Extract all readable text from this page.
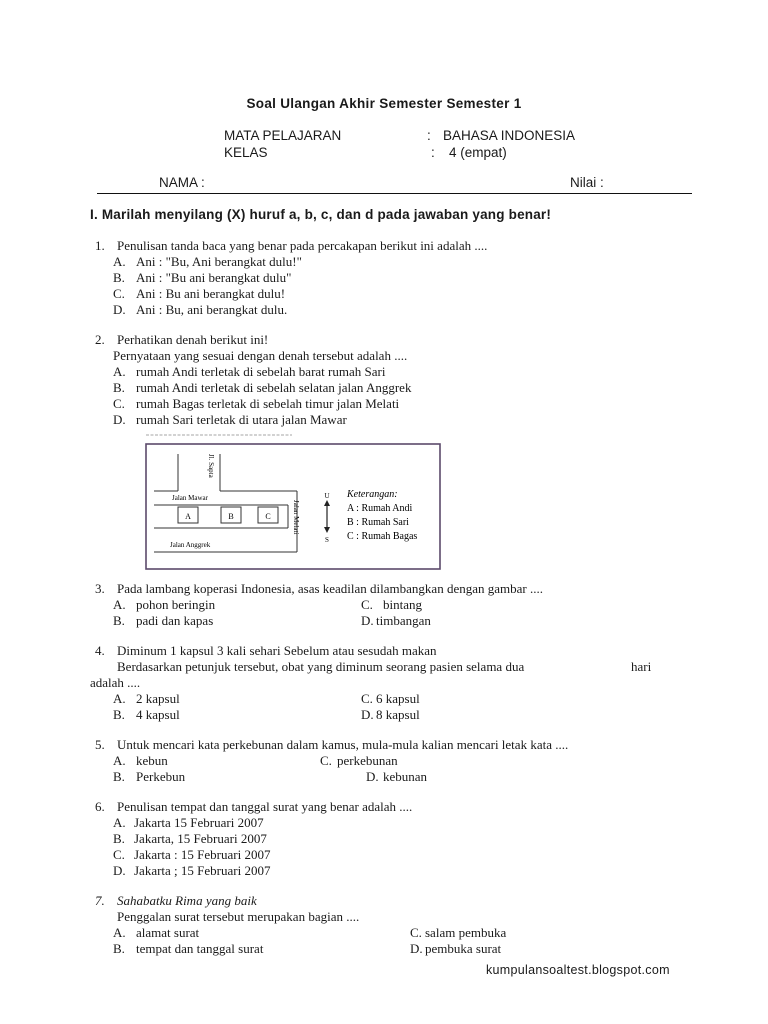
Soal Ulangan Akhir Semester Semester 1
MATA PELAJARAN	: BAHASA INDONESIA
KELAS	: 4 (empat)
NAMA :	Nilai :
I. Marilah menyilang (X) huruf a, b, c, dan d pada jawaban yang benar!
1. Penulisan tanda baca yang benar pada percakapan berikut ini adalah ....
A. Ani : "Bu, Ani berangkat dulu!"
B. Ani : "Bu ani berangkat dulu"
C. Ani : Bu ani berangkat dulu!
D. Ani : Bu, ani berangkat dulu.
2. Perhatikan denah berikut ini!
Pernyataan yang sesuai dengan denah tersebut adalah ....
A. rumah Andi terletak di sebelah barat rumah Sari
B. rumah Andi terletak di sebelah selatan jalan Anggrek
C. rumah Bagas terletak di sebelah timur jalan Melati
D. rumah Sari terletak di utara jalan Mawar
A	B	C
Jl. Sapta
Jalan Mawar
Jalan Anggrek
Jalan Melati
U
S
Keterangan:
A : Rumah Andi
B : Rumah Sari
C : Rumah Bagas
3. Pada lambang koperasi Indonesia, asas keadilan dilambangkan dengan gambar ....
A. pohon beringin	C. bintang
B. padi dan kapas	D. timbangan
4. Diminum 1 kapsul 3 kali sehari Sebelum atau sesudah makan
Berdasarkan petunjuk tersebut, obat yang diminum seorang pasien selama dua	hari
adalah ....
A. 2 kapsul	C. 6 kapsul
B. 4 kapsul	D. 8 kapsul
5. Untuk mencari kata perkebunan dalam kamus, mula-mula kalian mencari letak kata ....
A. kebun	C. perkebunan
B. Perkebun	D. kebunan
6. Penulisan tempat dan tanggal surat yang benar adalah ....
A. Jakarta 15 Februari 2007
B. Jakarta, 15 Februari 2007
C. Jakarta : 15 Februari 2007
D. Jakarta ; 15 Februari 2007
7. Sahabatku Rima yang baik
Penggalan surat tersebut merupakan bagian ....
A. alamat surat	C. salam pembuka
B. tempat dan tanggal surat	D. pembuka surat
kumpulansoaltest.blogspot.com
